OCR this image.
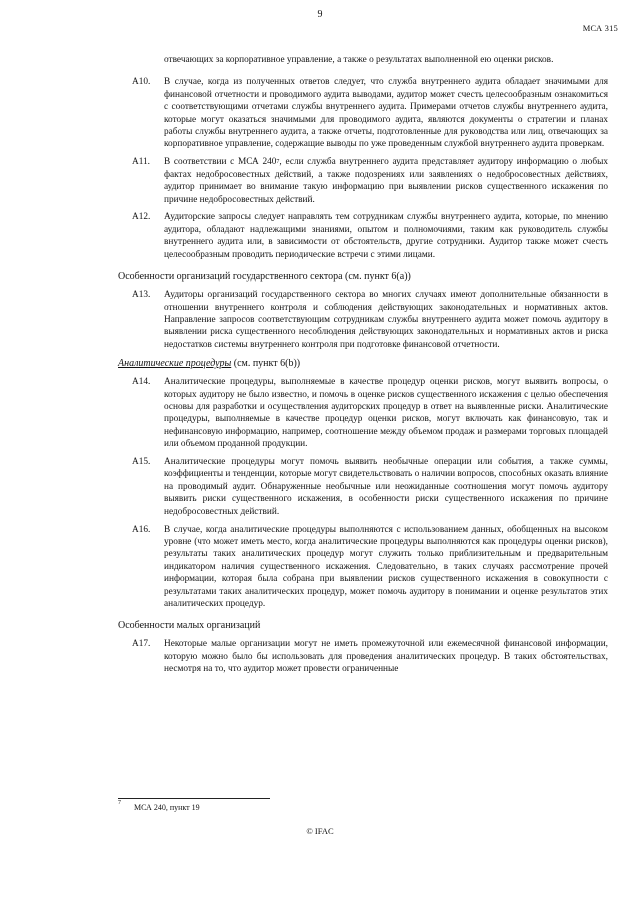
9
МСА 315

отвечающих за корпоративное управление, а также о результатах выполненной ею оценки рисков.

A10. В случае, когда из полученных ответов следует, что служба внутреннего аудита обладает значимыми для финансовой отчетности и проводимого аудита выводами, аудитор может счесть целесообразным ознакомиться с соответствующими отчетами службы внутреннего аудита. Примерами отчетов службы внутреннего аудита, которые могут оказаться значимыми для проводимого аудита, являются документы о стратегии и планах работы службы внутреннего аудита, а также отчеты, подготовленные для руководства или лиц, отвечающих за корпоративное управление, содержащие выводы по уже проведенным службой внутреннего аудита проверкам.

A11. В соответствии с МСА $240^7$, если служба внутреннего аудита представляет аудитору информацию о любых фактах недобросовестных действий, а также подозрениях или заявлениях о недобросовестных действиях, аудитор принимает во внимание такую информацию при выявлении рисков существенного искажения по причине недобросовестных действий.

A12. Аудиторские запросы следует направлять тем сотрудникам службы внутреннего аудита, которые, по мнению аудитора, обладают надлежащими знаниями, опытом и полномочиями, таким как руководитель службы внутреннего аудита или, в зависимости от обстоятельств, другие сотрудники. Аудитор также может счесть целесообразным проводить периодические встречи с этими лицами.

Особенности организаций государственного сектора (см. пункт 6(a))

A13. Аудиторы организаций государственного сектора во многих случаях имеют дополнительные обязанности в отношении внутреннего контроля и соблюдения действующих законодательных и нормативных актов. Направление запросов соответствующим сотрудникам службы внутреннего аудита может помочь аудитору в выявлении риска существенного несоблюдения действующих законодательных и нормативных актов и риска недостатков системы внутреннего контроля при подготовке финансовой отчетности.

Аналитические процедуры (см. пункт 6(b))

A14. Аналитические процедуры, выполняемые в качестве процедур оценки рисков, могут выявить вопросы, о которых аудитору не было известно, и помочь в оценке рисков существенного искажения с целью обеспечения основы для разработки и осуществления аудиторских процедур в ответ на выявленные риски. Аналитические процедуры, выполняемые в качестве процедур оценки рисков, могут включать как финансовую, так и нефинансовую информацию, например, соотношение между объемом продаж и размерами торговых площадей или объемом проданной продукции.

A15. Аналитические процедуры могут помочь выявить необычные операции или события, а также суммы, коэффициенты и тенденции, которые могут свидетельствовать о наличии вопросов, способных оказать влияние на проводимый аудит. Обнаруженные необычные или неожиданные соотношения могут помочь аудитору выявить риски существенного искажения, в особенности риски существенного искажения по причине недобросовестных действий.

A16. В случае, когда аналитические процедуры выполняются с использованием данных, обобщенных на высоком уровне (что может иметь место, когда аналитические процедуры выполняются как процедуры оценки рисков), результаты таких аналитических процедур могут служить только приблизительным и предварительным индикатором наличия существенного искажения. Следовательно, в таких случаях рассмотрение прочей информации, которая была собрана при выявлении рисков существенного искажения в совокупности с результатами таких аналитических процедур, может помочь аудитору в понимании и оценке результатов этих аналитических процедур.

Особенности малых организаций

A17. Некоторые малые организации могут не иметь промежуточной или ежемесячной финансовой информации, которую можно было бы использовать для проведения аналитических процедур. В таких обстоятельствах, несмотря на то, что аудитор может провести ограниченные

7 МСА 240, пункт 19
© IFAC
